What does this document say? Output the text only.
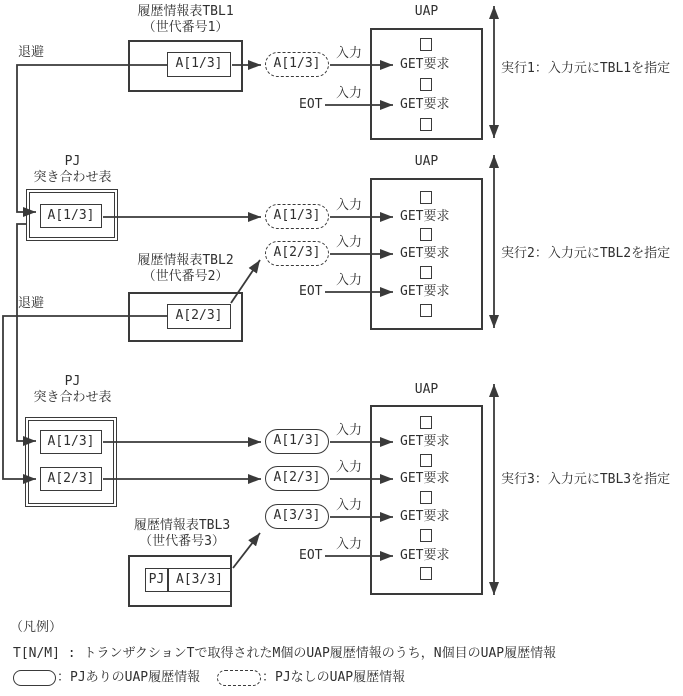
履歴情報表TBL1
（世代番号1）
退避
A[1/3]	A[1/3]
入力
入力
EOT
UAP
GET要求
GET要求
実行1：入力元にTBL1を指定
PJ
突き合わせ表
A[1/3]	A[1/3]
A[2/3]
履歴情報表TBL2
（世代番号2）
A[2/3]
退避
入力
入力
入力
EOT
UAP
GET要求
GET要求
GET要求
実行2：入力元にTBL2を指定
PJ
突き合わせ表
A[1/3]
A[2/3]
A[1/3]
A[2/3]
A[3/3]
履歴情報表TBL3
（世代番号3）
PJ A[3/3]
入力
入力
入力
入力
EOT
UAP
GET要求
GET要求
GET要求
GET要求
実行3：入力元にTBL3を指定
（凡例）
T[N/M] : トランザクションTで取得されたM個のUAP履歴情報のうち，N個目のUAP履歴情報
：PJありのUAP履歴情報	：PJなしのUAP履歴情報
